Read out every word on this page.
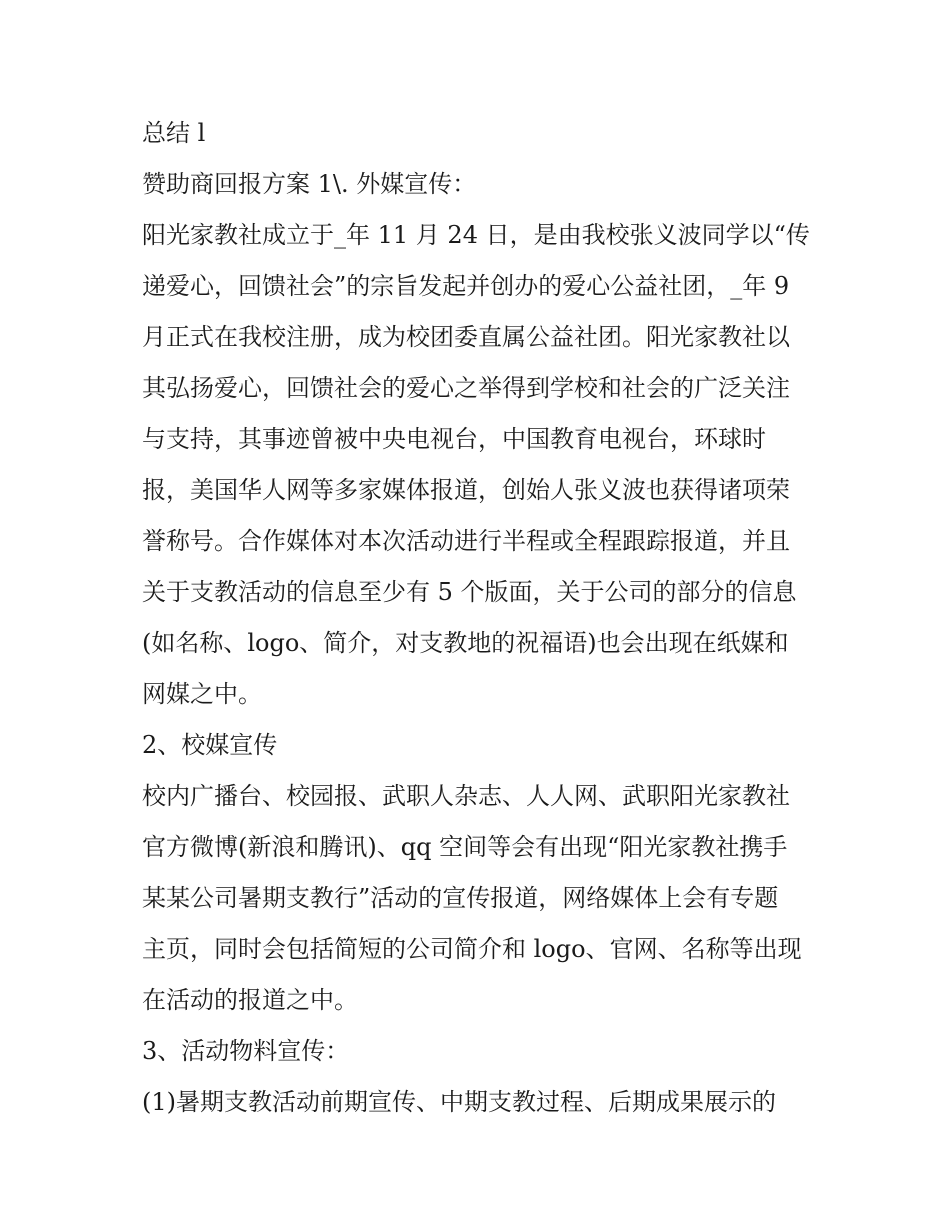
总结 l

赞助商回报方案 1\. 外媒宣传：

阳光家教社成立于_年 11 月 24 日，是由我校张义波同学以“传

递爱心，回馈社会”的宗旨发起并创办的爱心公益社团，_年 9

月正式在我校注册，成为校团委直属公益社团。阳光家教社以

其弘扬爱心，回馈社会的爱心之举得到学校和社会的广泛关注

与支持，其事迹曾被中央电视台，中国教育电视台，环球时

报，美国华人网等多家媒体报道，创始人张义波也获得诸项荣

誉称号。合作媒体对本次活动进行半程或全程跟踪报道，并且

关于支教活动的信息至少有 5 个版面，关于公司的部分的信息

(如名称、logo、简介，对支教地的祝福语)也会出现在纸媒和

网媒之中。

2、校媒宣传

校内广播台、校园报、武职人杂志、人人网、武职阳光家教社

官方微博(新浪和腾讯)、qq 空间等会有出现“阳光家教社携手

某某公司暑期支教行”活动的宣传报道，网络媒体上会有专题

主页，同时会包括简短的公司简介和 logo、官网、名称等出现

在活动的报道之中。

3、活动物料宣传：

(1)暑期支教活动前期宣传、中期支教过程、后期成果展示的
